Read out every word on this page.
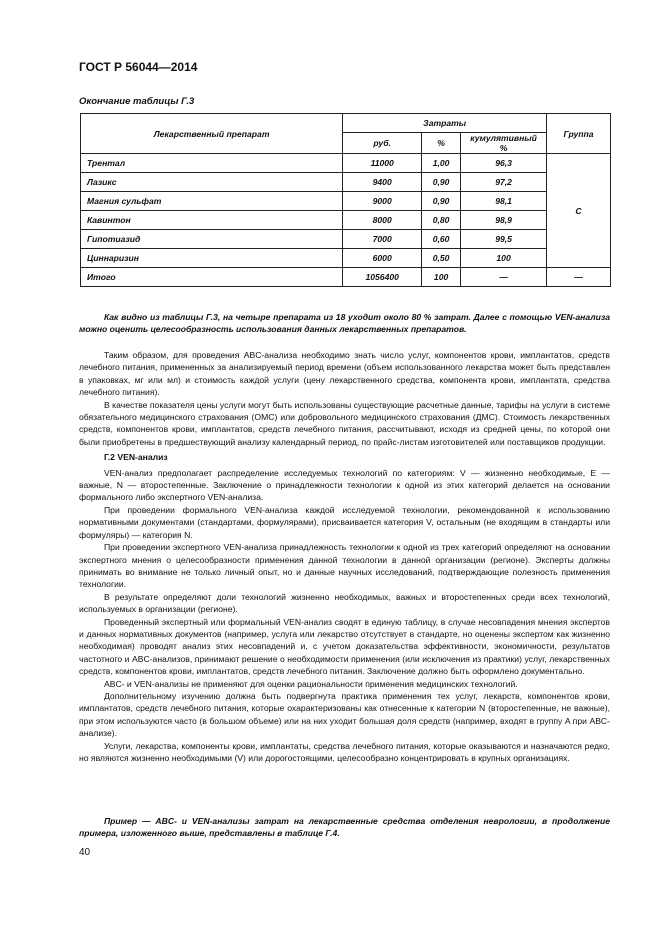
ГОСТ Р 56044—2014
Окончание таблицы Г.3
Лекарственный препарат	Затраты			Группа
	руб.	%	кумулятивный %	
Трентал	11000	1,00	96,3	С
Лазикс	9400	0,90	97,2	
Магния сульфат	9000	0,90	98,1	
Кавинтон	8000	0,80	98,9	
Гипотиазид	7000	0,60	99,5	
Циннаризин	6000	0,50	100	
Итого	1056400	100	—	—

Как видно из таблицы Г.3, на четыре препарата из 18 уходит около 80 % затрат. Далее с помощью VEN-анализа можно оценить целесообразность использования данных лекарственных препаратов.

Таким образом, для проведения ABC-анализа необходимо знать число услуг, компонентов крови, имплантатов, средств лечебного питания, примененных за анализируемый период времени (объем использованного лекарства может быть представлен в упаковках, мг или мл) и стоимость каждой услуги (цену лекарственного средства, компонента крови, имплантата, средства лечебного питания).

В качестве показателя цены услуги могут быть использованы существующие расчетные данные, тарифы на услуги в системе обязательного медицинского страхования (ОМС) или добровольного медицинского страхования (ДМС). Стоимость лекарственных средств, компонентов крови, имплантатов, средств лечебного питания, рассчитывают, исходя из средней цены, по которой они были приобретены в предшествующий анализу календарный период, по прайс-листам изготовителей или поставщиков продукции.

Г.2 VEN-анализ

VEN-анализ предполагает распределение исследуемых технологий по категориям: V — жизненно необходимые, E — важные, N — второстепенные. Заключение о принадлежности технологии к одной из этих категорий делается на основании формального либо экспертного VEN-анализа.

При проведении формального VEN-анализа каждой исследуемой технологии, рекомендованной к использованию нормативными документами (стандартами, формулярами), присваивается категория V, остальным (не входящим в стандарты или формуляры) — категория N.

При проведении экспертного VEN-анализа принадлежность технологии к одной из трех категорий определяют на основании экспертного мнения о целесообразности применения данной технологии в данной организации (регионе). Эксперты должны принимать во внимание не только личный опыт, но и данные научных исследований, подтверждающие полезность применения технологии.

В результате определяют доли технологий жизненно необходимых, важных и второстепенных среди всех технологий, используемых в организации (регионе).

Проведенный экспертный или формальный VEN-анализ сводят в единую таблицу, в случае несовпадения мнения экспертов и данных нормативных документов (например, услуга или лекарство отсутствует в стандарте, но оценены экспертом как жизненно необходимая) проводят анализ этих несовпадений и, с учетом доказательства эффективности, экономичности, результатов частотного и ABC-анализов, принимают решение о необходимости применения (или исключения из практики) услуг, лекарственных средств, компонентов крови, имплантатов, средств лечебного питания. Заключение должно быть оформлено документально.

ABC- и VEN-анализы не применяют для оценки рациональности применения медицинских технологий.

Дополнительному изучению должна быть подвергнута практика применения тех услуг, лекарств, компонентов крови, имплантатов, средств лечебного питания, которые охарактеризованы как отнесенные к категории N (второстепенные, не важные), при этом используются часто (в большом объеме) или на них уходит большая доля средств (например, входят в группу A при ABC-анализе).

Услуги, лекарства, компоненты крови, имплантаты, средства лечебного питания, которые оказываются и назначаются редко, но являются жизненно необходимыми (V) или дорогостоящими, целесообразно концентрировать в крупных организациях.

Пример — ABC- и VEN-анализы затрат на лекарственные средства отделения неврологии, в продолжение примера, изложенного выше, представлены в таблице Г.4.

40
